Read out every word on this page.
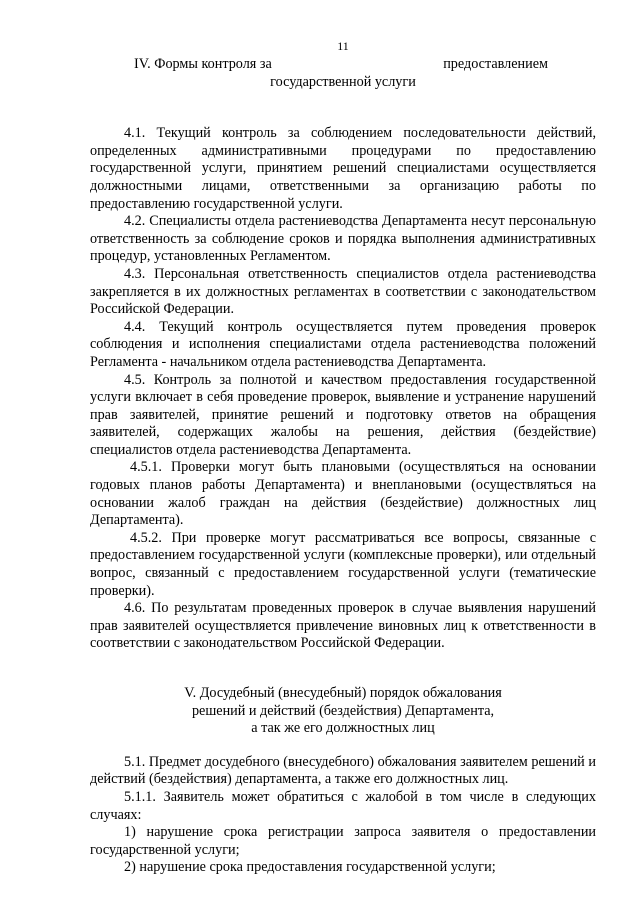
11
IV. Формы контроля за	предоставлением
государственной услуги

4.1. Текущий контроль за соблюдением последовательности действий, определенных административными процедурами по предоставлению государственной услуги, принятием решений специалистами осуществляется должностными лицами, ответственными за организацию работы по предоставлению государственной услуги.

4.2. Специалисты отдела растениеводства Департамента несут персональную ответственность за соблюдение сроков и порядка выполнения административных процедур, установленных Регламентом.

4.3. Персональная ответственность специалистов отдела растениеводства закрепляется в их должностных регламентах в соответствии с законодательством Российской Федерации.

4.4. Текущий контроль осуществляется путем проведения проверок соблюдения и исполнения специалистами отдела растениеводства положений Регламента - начальником отдела растениеводства Департамента.

4.5. Контроль за полнотой и качеством предоставления государственной услуги включает в себя проведение проверок, выявление и устранение нарушений прав заявителей, принятие решений и подготовку ответов на обращения заявителей, содержащих жалобы на решения, действия (бездействие) специалистов отдела растениеводства Департамента.

4.5.1. Проверки могут быть плановыми (осуществляться на основании годовых планов работы Департамента) и внеплановыми (осуществляться на основании жалоб граждан на действия (бездействие) должностных лиц Департамента).

4.5.2. При проверке могут рассматриваться все вопросы, связанные с предоставлением государственной услуги (комплексные проверки), или отдельный вопрос, связанный с предоставлением государственной услуги (тематические проверки).

4.6. По результатам проведенных проверок в случае выявления нарушений прав заявителей осуществляется привлечение виновных лиц к ответственности в соответствии с законодательством Российской Федерации.

V. Досудебный (внесудебный) порядок обжалования
решений и действий (бездействия) Департамента,
а так же его должностных лиц

5.1. Предмет досудебного (внесудебного) обжалования заявителем решений и действий (бездействия) департамента, а также его должностных лиц.

5.1.1. Заявитель может обратиться с жалобой в том числе в следующих случаях:

1) нарушение срока регистрации запроса заявителя о предоставлении государственной услуги;

2) нарушение срока предоставления государственной услуги;
